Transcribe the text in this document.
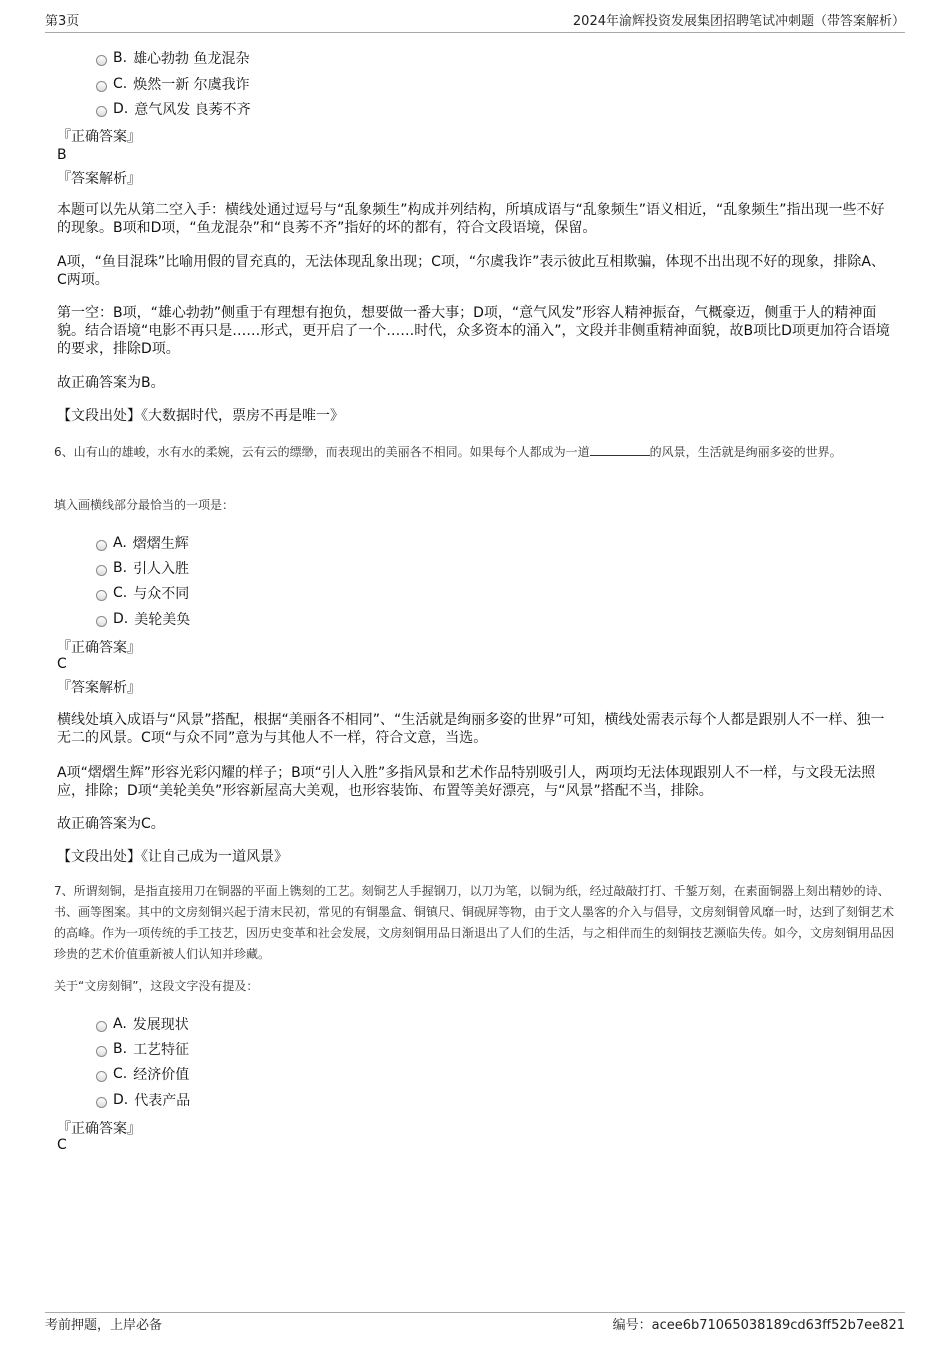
第3页	2024年渝辉投资发展集团招聘笔试冲刺题（带答案解析）
B. 雄心勃勃 鱼龙混杂
C. 焕然一新 尔虞我诈
D. 意气风发 良莠不齐
『正确答案』
B
『答案解析』
本题可以先从第二空入手：横线处通过逗号与“乱象频生”构成并列结构，所填成语与“乱象频生”语义相近，“乱象频生”指出现一些不好的现象。B项和D项，“鱼龙混杂”和“良莠不齐”指好的坏的都有，符合文段语境，保留。
A项，“鱼目混珠”比喻用假的冒充真的，无法体现乱象出现；C项，“尔虞我诈”表示彼此互相欺骗，体现不出出现不好的现象，排除A、C两项。
第一空：B项，“雄心勃勃”侧重于有理想有抱负，想要做一番大事；D项，“意气风发”形容人精神振奋，气概豪迈，侧重于人的精神面貌。结合语境“电影不再只是……形式，更开启了一个……时代，众多资本的涌入”，文段并非侧重精神面貌，故B项比D项更加符合语境的要求，排除D项。
故正确答案为B。
【文段出处】《大数据时代，票房不再是唯一》
6、山有山的雄峻，水有水的柔婉，云有云的缥缈，而表现出的美丽各不相同。如果每个人都成为一道	的风景，生活就是绚丽多姿的世界。
填入画横线部分最恰当的一项是：
A. 熠熠生辉
B. 引人入胜
C. 与众不同
D. 美轮美奂
『正确答案』
C
『答案解析』
横线处填入成语与“风景”搭配，根据“美丽各不相同”、“生活就是绚丽多姿的世界”可知，横线处需表示每个人都是跟别人不一样、独一无二的风景。C项“与众不同”意为与其他人不一样，符合文意，当选。
A项“熠熠生辉”形容光彩闪耀的样子；B项“引人入胜”多指风景和艺术作品特别吸引人，两项均无法体现跟别人不一样，与文段无法照应，排除；D项“美轮美奂”形容新屋高大美观，也形容装饰、布置等美好漂亮，与“风景”搭配不当，排除。
故正确答案为C。
【文段出处】《让自己成为一道风景》
7、所谓刻铜，是指直接用刀在铜器的平面上镌刻的工艺。刻铜艺人手握钢刀，以刀为笔，以铜为纸，经过敲敲打打、千錾万刻，在素面铜器上刻出精妙的诗、书、画等图案。其中的文房刻铜兴起于清末民初，常见的有铜墨盒、铜镇尺、铜砚屏等物，由于文人墨客的介入与倡导，文房刻铜曾风靡一时，达到了刻铜艺术的高峰。作为一项传统的手工技艺，因历史变革和社会发展，文房刻铜用品日渐退出了人们的生活，与之相伴而生的刻铜技艺濒临失传。如今，文房刻铜用品因珍贵的艺术价值重新被人们认知并珍藏。
关于“文房刻铜”，这段文字没有提及：
A. 发展现状
B. 工艺特征
C. 经济价值
D. 代表产品
『正确答案』
C
考前押题，上岸必备	编号：acee6b71065038189cd63ff52b7ee821
